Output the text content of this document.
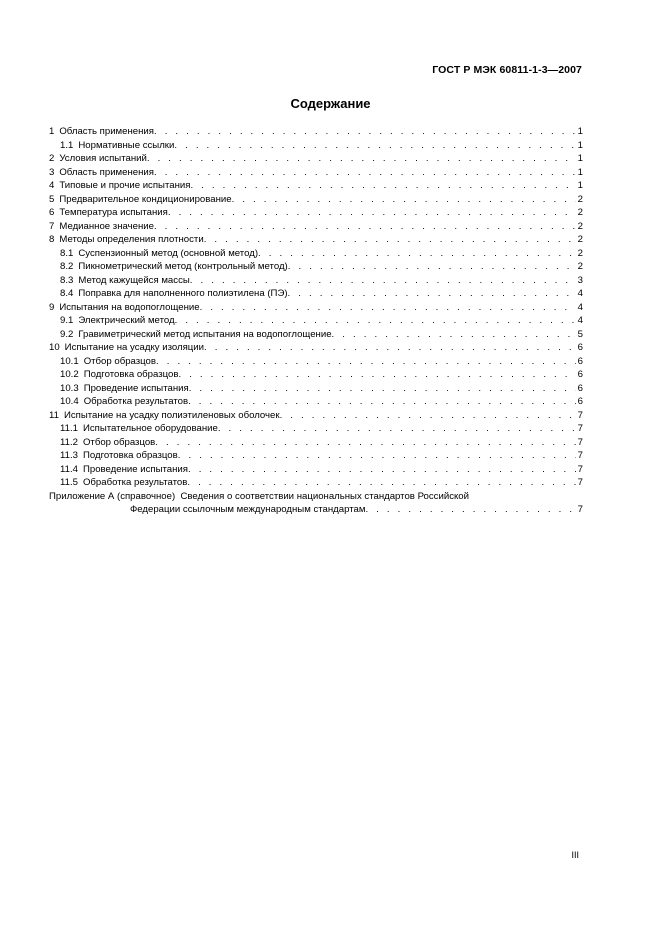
ГОСТ Р МЭК 60811-1-3—2007
Содержание
1 Область применения . . .	1
1.1 Нормативные ссылки . . .	1
2 Условия испытаний . . .	1
3 Область применения . . .	1
4 Типовые и прочие испытания . . .	1
5 Предварительное кондиционирование . . .	2
6 Температура испытания . . .	2
7 Медианное значение . . .	2
8 Методы определения плотности . . .	2
8.1 Суспензионный метод (основной метод) . . .	2
8.2 Пикнометрический метод (контрольный метод) . . .	2
8.3 Метод кажущейся массы . . .	3
8.4 Поправка для наполненного полиэтилена (ПЭ) . . .	4
9 Испытания на водопоглощение . . .	4
9.1 Электрический метод . . .	4
9.2 Гравиметрический метод испытания на водопоглощение . . .	5
10 Испытание на усадку изоляции . . .	6
10.1 Отбор образцов . . .	6
10.2 Подготовка образцов . . .	6
10.3 Проведение испытания . . .	6
10.4 Обработка результатов . . .	6
11 Испытание на усадку полиэтиленовых оболочек . . .	7
11.1 Испытательное оборудование . . .	7
11.2 Отбор образцов . . .	7
11.3 Подготовка образцов . . .	7
11.4 Проведение испытания . . .	7
11.5 Обработка результатов . . .	7
Приложение А (справочное) Сведения о соответствии национальных стандартов Российской
Федерации ссылочным международным стандартам . . .	7
III
